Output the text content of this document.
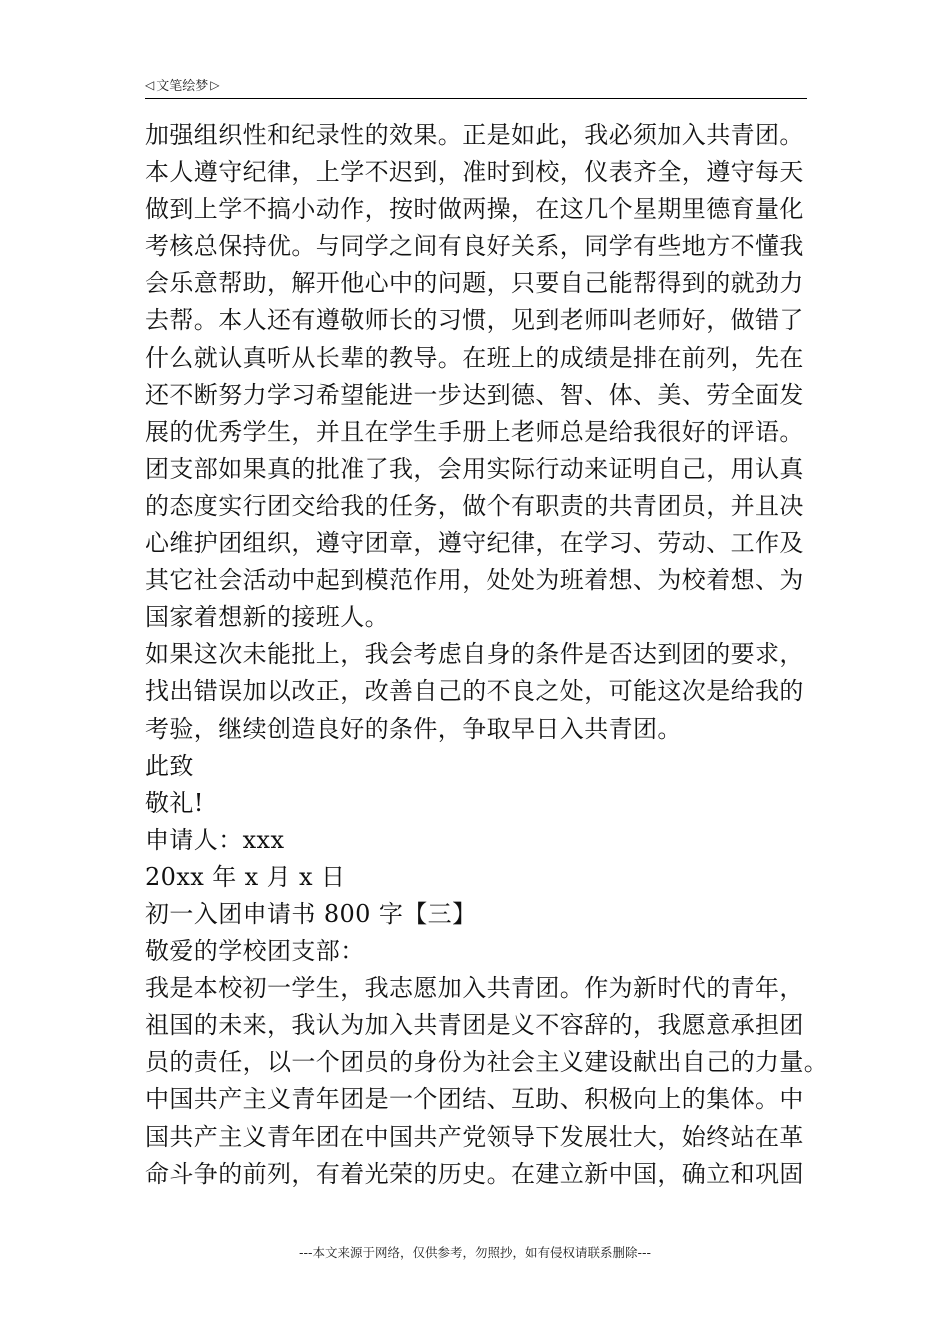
◁ 文笔绘梦 ▷
加强组织性和纪录性的效果。正是如此，我必须加入共青团。
本人遵守纪律，上学不迟到，准时到校，仪表齐全，遵守每天
做到上学不搞小动作，按时做两操，在这几个星期里德育量化
考核总保持优。与同学之间有良好关系，同学有些地方不懂我
会乐意帮助，解开他心中的问题，只要自己能帮得到的就劲力
去帮。本人还有遵敬师长的习惯，见到老师叫老师好，做错了
什么就认真听从长辈的教导。在班上的成绩是排在前列，先在
还不断努力学习希望能进一步达到德、智、体、美、劳全面发
展的优秀学生，并且在学生手册上老师总是给我很好的评语。
团支部如果真的批准了我，会用实际行动来证明自己，用认真
的态度实行团交给我的任务，做个有职责的共青团员，并且决
心维护团组织，遵守团章，遵守纪律，在学习、劳动、工作及
其它社会活动中起到模范作用，处处为班着想、为校着想、为
国家着想新的接班人。
如果这次未能批上，我会考虑自身的条件是否达到团的要求，
找出错误加以改正，改善自己的不良之处，可能这次是给我的
考验，继续创造良好的条件，争取早日入共青团。
此致
敬礼!
申请人：xxx
20xx 年 x 月 x 日
初一入团申请书 800 字【三】
敬爱的学校团支部：
我是本校初一学生，我志愿加入共青团。作为新时代的青年，
祖国的未来，我认为加入共青团是义不容辞的，我愿意承担团
员的责任，以一个团员的身份为社会主义建设献出自己的力量。
中国共产主义青年团是一个团结、互助、积极向上的集体。中
国共产主义青年团在中国共产党领导下发展壮大，始终站在革
命斗争的前列，有着光荣的历史。在建立新中国，确立和巩固
---本文来源于网络，仅供参考，勿照抄，如有侵权请联系删除---
